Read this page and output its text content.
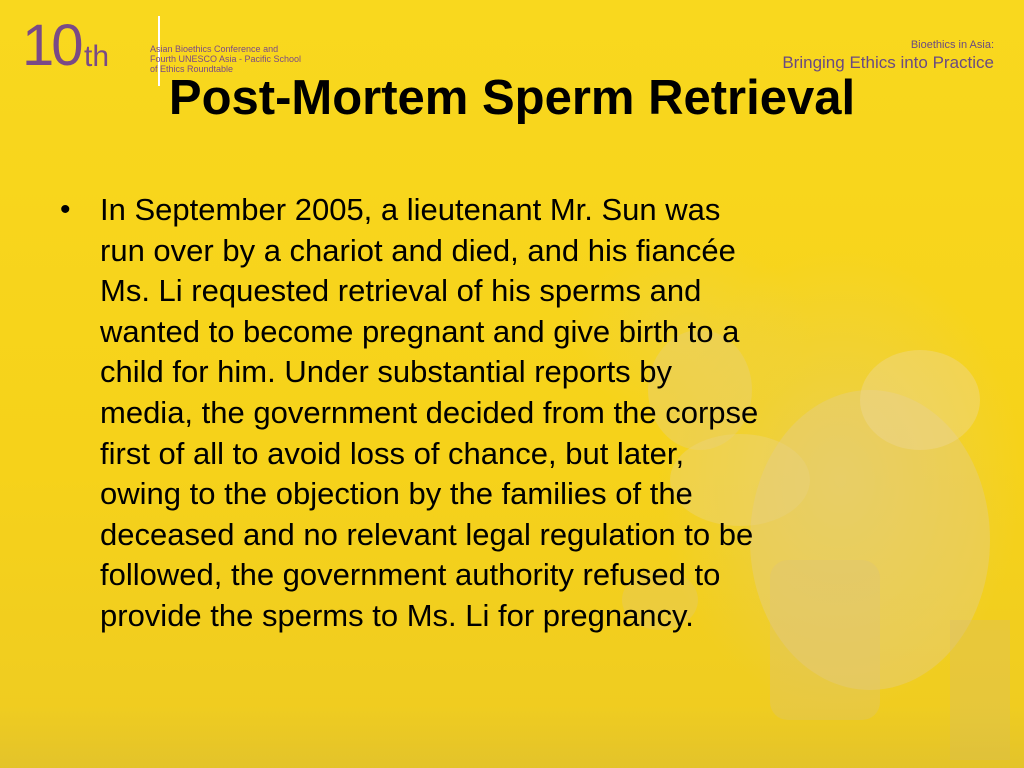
10 th	Asian Bioethics Conference and
Fourth UNESCO Asia - Pacific School
of Ethics Roundtable
Bioethics in Asia:
Bringing Ethics into Practice
Post-Mortem Sperm Retrieval
• In September 2005, a lieutenant Mr. Sun was
run over by a chariot and died, and his fiancée
Ms. Li requested retrieval of his sperms and
wanted to become pregnant and give birth to a
child for him. Under substantial reports by
media, the government decided from the corpse
first of all to avoid loss of chance, but later,
owing to the objection by the families of the
deceased and no relevant legal regulation to be
followed, the government authority refused to
provide the sperms to Ms. Li for pregnancy.
